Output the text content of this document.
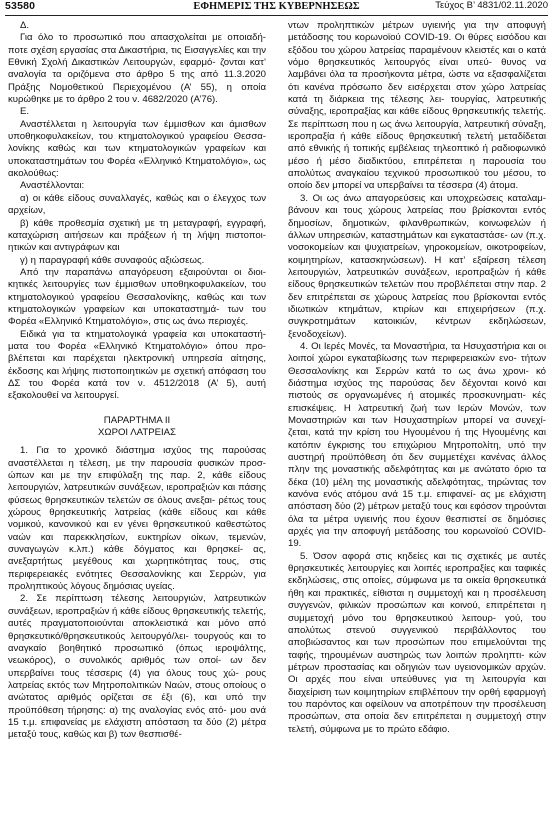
53580	ΕΦΗΜΕΡΙΣ ΤΗΣ ΚΥΒΕΡΝΗΣΕΩΣ	Τεύχος Β’ 4831/02.11.2020

Δ.

Για όλο το προσωπικό που απασχολείται με οποιαδή- ποτε σχέση εργασίας στα Δικαστήρια, τις Εισαγγελίες και την Εθνική Σχολή Δικαστικών Λειτουργών, εφαρμό- ζονται κατ’ αναλογία τα οριζόμενα στο άρθρο 5 της από 11.3.2020 Πράξης Νομοθετικού Περιεχομένου (Α’ 55), η οποία κυρώθηκε με το άρθρο 2 του ν. 4682/2020 (Α’76).

Ε.

Αναστέλλεται η λειτουργία των έμμισθων και άμισθων υποθηκοφυλακείων, του κτηματολογικού γραφείου Θεσσα- λονίκης καθώς και των κτηματολογικών γραφείων και υποκαταστημάτων του Φορέα «Ελληνικό Κτηματολόγιο», ως ακολούθως:

Αναστέλλονται:

α) οι κάθε είδους συναλλαγές, καθώς και ο έλεγχος των αρχείων,

β) κάθε προθεσμία σχετική με τη μεταγραφή, εγγραφή, καταχώριση αιτήσεων και πράξεων ή τη λήψη πιστοποι- ητικών και αντιγράφων και

γ) η παραγραφή κάθε συναφούς αξιώσεως.

Από την παραπάνω απαγόρευση εξαιρούνται οι διοι- κητικές λειτουργίες των έμμισθων υποθηκοφυλακείων, του κτηματολογικού γραφείου Θεσσαλονίκης, καθώς και των κτηματολογικών γραφείων και υποκαταστημά- των του Φορέα «Ελληνικό Κτηματολόγιο», στις ως άνω περιοχές.

Ειδικά για τα κτηματολογικά γραφεία και υποκαταστή- ματα του Φορέα «Ελληνικό Κτηματολόγιο» όπου προ- βλέπεται και παρέχεται ηλεκτρονική υπηρεσία αίτησης, έκδοσης και λήψης πιστοποιητικών με σχετική απόφαση του ΔΣ του Φορέα κατά τον ν. 4512/2018 (Α’ 5), αυτή εξακολουθεί να λειτουργεί.

ΠΑΡΑΡΤΗΜΑ ΙΙ

ΧΩΡΟΙ ΛΑΤΡΕΙΑΣ

1. Για το χρονικό διάστημα ισχύος της παρούσας αναστέλλεται η τέλεση, με την παρουσία φυσικών προσ- ώπων και με την επιφύλαξη της παρ. 2, κάθε είδους λειτουργιών, λατρευτικών συνάξεων, ιεροπραξιών και πάσης φύσεως θρησκευτικών τελετών σε όλους ανεξαι- ρέτως τους χώρους θρησκευτικής λατρείας (κάθε είδους και κάθε νομικού, κανονικού και εν γένει θρησκευτικού καθεστώτος ναών και παρεκκλησίων, ευκτηρίων οίκων, τεμενών, συναγωγών κ.λπ.) κάθε δόγματος και θρησκεί- ας, ανεξαρτήτως μεγέθους και χωρητικότητας τους, στις περιφερειακές ενότητες Θεσσαλονίκης και Σερρών, για προληπτικούς λόγους δημόσιας υγείας.

2. Σε περίπτωση τέλεσης λειτουργιών, λατρευτικών συνάξεων, ιεροπραξιών ή κάθε είδους θρησκευτικής τελετής, αυτές πραγματοποιούνται αποκλειστικά και μόνο από θρησκευτικό/θρησκευτικούς λειτουργό/λει- τουργούς και το αναγκαίο βοηθητικό προσωπικό (όπως ιεροψάλτης, νεωκόρος), ο συνολικός αριθμός των οποί- ων δεν υπερβαίνει τους τέσσερις (4) για όλους τους χώ- ρους λατρείας εκτός των Μητροπολιτικών Ναών, στους οποίους ο ανώτατος αριθμός ορίζεται σε έξι (6), και υπό την προϋπόθεση τήρησης: α) της αναλογίας ενός ατό- μου ανά 15 τ.μ. επιφανείας με ελάχιστη απόσταση τα δύο (2) μέτρα μεταξύ τους, καθώς και β) των θεσπισθέ-

ντων προληπτικών μέτρων υγιεινής για την αποφυγή μετάδοσης του κορωνοϊού COVID-19. Οι θύρες εισόδου και εξόδου του χώρου λατρείας παραμένουν κλειστές και ο κατά νόμο θρησκευτικός λειτουργός είναι υπεύ- θυνος να λαμβάνει όλα τα προσήκοντα μέτρα, ώστε να εξασφαλίζεται ότι κανένα πρόσωπο δεν εισέρχεται στον χώρο λατρείας κατά τη διάρκεια της τέλεσης λει- τουργίας, λατρευτικής σύναξης, ιεροπραξίας και κάθε είδους θρησκευτικής τελετής. Σε περίπτωση που η ως άνω λειτουργία, λατρευτική σύναξη, ιεροπραξία ή κάθε είδους θρησκευτική τελετή μεταδίδεται από εθνικής ή τοπικής εμβέλειας τηλεοπτικό ή ραδιοφωνικό μέσο ή μέσο διαδικτύου, επιτρέπεται η παρουσία του απολύτως αναγκαίου τεχνικού προσωπικού του μέσου, το οποίο δεν μπορεί να υπερβαίνει τα τέσσερα (4) άτομα.

3. Οι ως άνω απαγορεύσεις και υποχρεώσεις καταλαμ- βάνουν και τους χώρους λατρείας που βρίσκονται εντός δημοσίων, δημοτικών, φιλανθρωπικών, κοινωφελών ή άλλων υπηρεσιών, καταστημάτων και εγκαταστάσε- ων (π.χ. νοσοκομείων και ψυχιατρείων, γηροκομείων, οικοτροφείων, κοιμητηρίων, κατασκηνώσεων). Η κατ’ εξαίρεση τέλεση λειτουργιών, λατρευτικών συνάξεων, ιεροπραξιών ή κάθε είδους θρησκευτικών τελετών που προβλέπεται στην παρ. 2 δεν επιτρέπεται σε χώρους λατρείας που βρίσκονται εντός ιδιωτικών κτημάτων, κτιρίων και επιχειρήσεων (π.χ. συγκροτημάτων κατοικιών, κέντρων εκδηλώσεων, ξενοδοχείων).

4. Οι Ιερές Μονές, τα Μοναστήρια, τα Ησυχαστήρια και οι λοιποί χώροι εγκαταβίωσης των περιφερειακών ενο- τήτων Θεσσαλονίκης και Σερρών κατά το ως άνω χρονι- κό διάστημα ισχύος της παρούσας δεν δέχονται κοινό και πιστούς σε οργανωμένες ή ατομικές προσκυνηματι- κές επισκέψεις. Η λατρευτική ζωή των Ιερών Μονών, των Μοναστηριών και των Ησυχαστηρίων μπορεί να συνεχί- ζεται, κατά την κρίση του Ηγουμένου ή της Ηγουμένης και κατόπιν έγκρισης του επιχώριου Μητροπολίτη, υπό την αυστηρή προϋπόθεση ότι δεν συμμετέχει κανένας άλλος πλην της μοναστικής αδελφότητας και με ανώτατο όριο τα δέκα (10) μέλη της μοναστικής αδελφότητας, τηρώντας τον κανόνα ενός ατόμου ανά 15 τ.μ. επιφανεί- ας με ελάχιστη απόσταση δύο (2) μέτρων μεταξύ τους και εφόσον τηρούνται όλα τα μέτρα υγιεινής που έχουν θεσπιστεί σε δημόσιες αρχές για την αποφυγή μετάδοσης του κορωνοϊού COVID-19.

5. Όσον αφορά στις κηδείες και τις σχετικές με αυτές θρησκευτικές λειτουργίες και λοιπές ιεροπραξίες και ταφικές εκδηλώσεις, στις οποίες, σύμφωνα με τα οικεία θρησκευτικά ήθη και πρακτικές, είθισται η συμμετοχή και η προσέλευση συγγενών, φιλικών προσώπων και κοινού, επιτρέπεται η συμμετοχή μόνο του θρησκευτικού λειτουρ- γού, του απολύτως στενού συγγενικού περιβάλλοντος του αποβιώσαντος και των προσώπων που επιμελούνται της ταφής, τηρουμένων αυστηρώς των λοιπών προληπτι- κών μέτρων προστασίας και οδηγιών των υγειονομικών αρχών. Οι αρχές που είναι υπεύθυνες για τη λειτουργία και διαχείριση των κοιμητηρίων επιβλέπουν την ορθή εφαρμογή του παρόντος και οφείλουν να αποτρέπουν την προσέλευση προσώπων, στα οποία δεν επιτρέπεται η συμμετοχή στην τελετή, σύμφωνα με το πρώτο εδάφιο.
